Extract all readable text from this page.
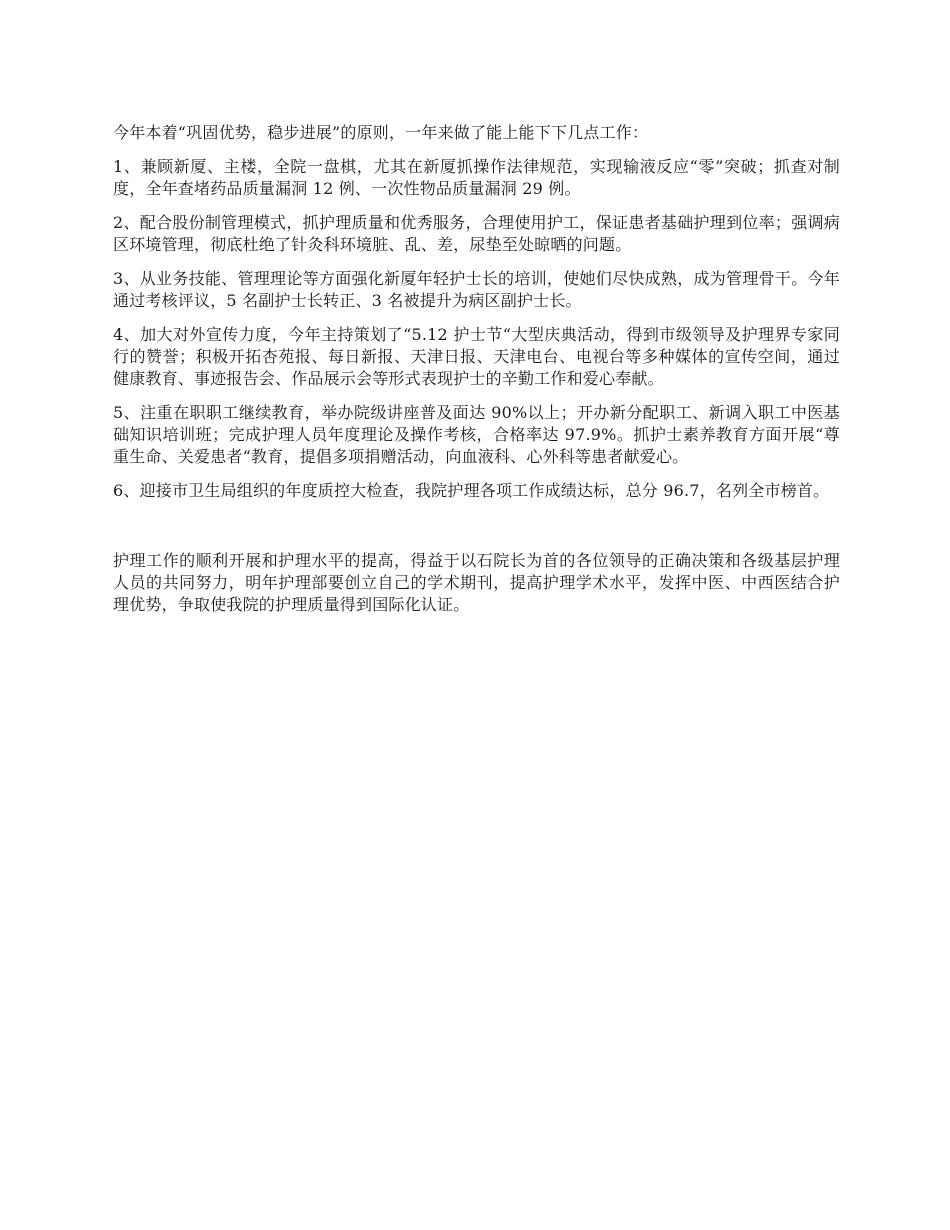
今年本着“巩固优势，稳步进展”的原则，一年来做了能上能下下几点工作：

1、兼顾新厦、主楼，全院一盘棋，尤其在新厦抓操作法律规范，实现输液反应“零”突破；抓查对制度，全年查堵药品质量漏洞 12 例、一次性物品质量漏洞 29 例。

2、配合股份制管理模式，抓护理质量和优秀服务，合理使用护工，保证患者基础护理到位率；强调病区环境管理，彻底杜绝了针灸科环境脏、乱、差，尿垫至处晾晒的问题。

3、从业务技能、管理理论等方面强化新厦年轻护士长的培训，使她们尽快成熟，成为管理骨干。今年通过考核评议，5 名副护士长转正、3 名被提升为病区副护士长。

4、加大对外宣传力度，今年主持策划了“5.12 护士节“大型庆典活动，得到市级领导及护理界专家同行的赞誉；积极开拓杏苑报、每日新报、天津日报、天津电台、电视台等多种媒体的宣传空间，通过健康教育、事迹报告会、作品展示会等形式表现护士的辛勤工作和爱心奉献。

5、注重在职职工继续教育，举办院级讲座普及面达 90%以上；开办新分配职工、新调入职工中医基础知识培训班；完成护理人员年度理论及操作考核，合格率达 97.9%。抓护士素养教育方面开展“尊重生命、关爱患者“教育，提倡多项捐赠活动，向血液科、心外科等患者献爱心。

6、迎接市卫生局组织的年度质控大检查，我院护理各项工作成绩达标，总分 96.7，名列全市榜首。

护理工作的顺利开展和护理水平的提高，得益于以石院长为首的各位领导的正确决策和各级基层护理人员的共同努力，明年护理部要创立自己的学术期刊，提高护理学术水平，发挥中医、中西医结合护理优势，争取使我院的护理质量得到国际化认证。
